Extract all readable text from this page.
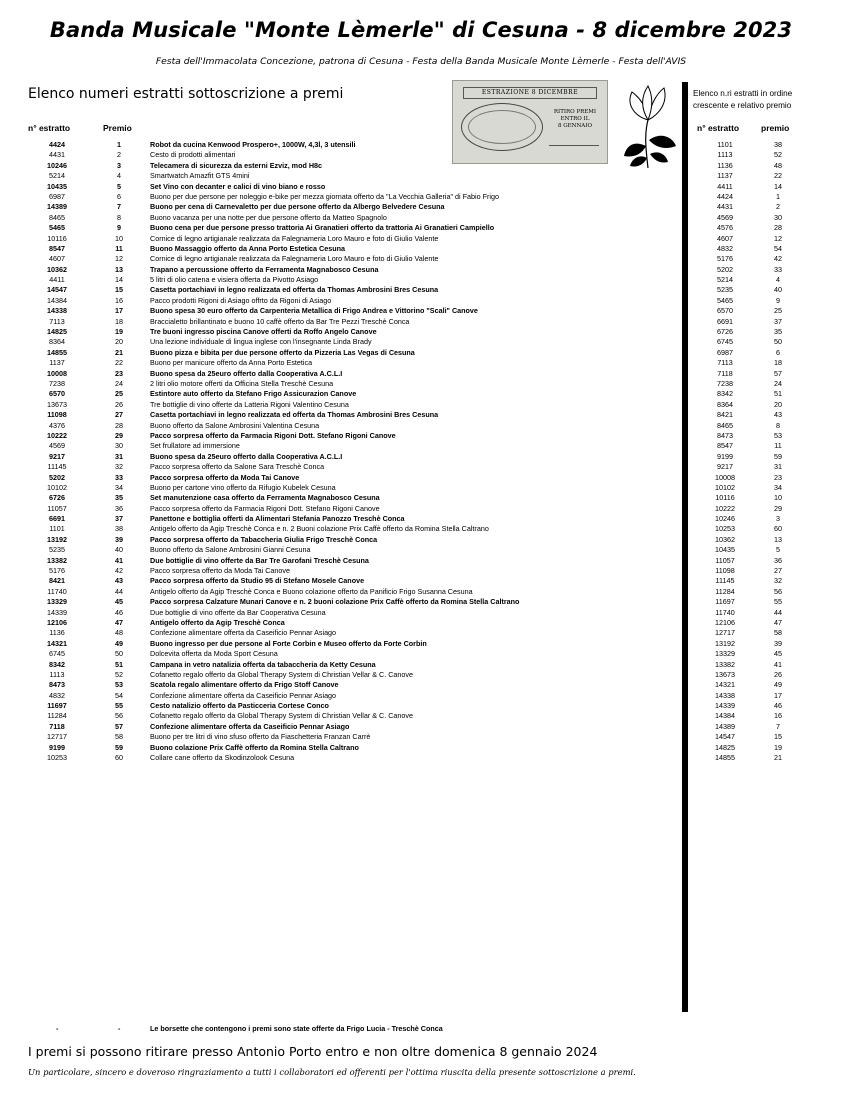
Banda Musicale "Monte Lèmerle" di Cesuna - 8 dicembre 2023
Festa dell'Immacolata Concezione, patrona di Cesuna - Festa della Banda Musicale Monte Lèmerle - Festa dell'AVIS
Elenco numeri estratti sottoscrizione a premi
n° estratto	Premio
4424	1	Robot da cucina Kenwood Prospero+, 1000W, 4,3l, 3 utensili
4431	2	Cesto di prodotti alimentari
10246	3	Telecamera di sicurezza da esterni Ezviz, mod H8c
5214	4	Smartwatch Amazfit GTS 4mini
10435	5	Set Vino con decanter e calici di vino biano e rosso
6987	6	Buono per due persone per noleggio e-bike per mezza giornata offerto da "La Vecchia Galleria" di Fabio Frigo
14389	7	Buono per cena di Carnevaletto per due persone offerto da Albergo Belvedere Cesuna
8465	8	Buono vacanza per una notte per due persone offerto da Matteo Spagnolo
5465	9	Buono cena per due persone presso trattoria Ai Granatieri offerto da trattoria Ai Granatieri Campiello
10116	10	Cornice di legno artigianale realizzata da Falegnameria Loro Mauro e foto di Giulio Valente
8547	11	Buono Massaggio offerto da Anna Porto Estetica Cesuna
4607	12	Cornice di legno artigianale realizzata da Falegnameria Loro Mauro e foto di Giulio Valente
10362	13	Trapano a percussione offerto da Ferramenta Magnabosco Cesuna
4411	14	5 litri di olio catena e visiera offerta da Pivotto Asiago
14547	15	Casetta portachiavi in legno realizzata ed offerta da Thomas Ambrosini Bres Cesuna
14384	16	Pacco prodotti Rigoni di Asiago offrto da Rigoni di Asiago
14338	17	Buono spesa 30 euro offerto da Carpenteria Metallica di Frigo Andrea e Vittorino "Scali" Canove
7113	18	Braccialetto brillantinato e buono 10 caffè offerto da Bar Tre Pezzi Treschè Conca
14825	19	Tre buoni ingresso piscina Canove offerti da Roffo Angelo Canove
8364	20	Una lezione individuale di lingua inglese con l'insegnante Linda Brady
14855	21	Buono pizza e bibita per due persone offerto da Pizzeria Las Vegas di Cesuna
1137	22	Buono per manicure offerto da Anna Porto Estetica
10008	23	Buono spesa da 25euro offerto dalla Cooperativa A.C.L.I
7238	24	2 litri olio motore offerti da Officina Stella Treschè Cesuna
6570	25	Estintore auto offerto da Stefano Frigo Assicurazion Canove
13673	26	Tre bottiglie di vino offerte da Latteria Rigoni Valentino Cesuna
11098	27	Casetta portachiavi in legno realizzata ed offerta da Thomas Ambrosini Bres Cesuna
4376	28	Buono offerto da Salone Ambrosini Valentina Cesuna
10222	29	Pacco sorpresa offerto da Farmacia Rigoni Dott. Stefano Rigoni Canove
4569	30	Set frullatore ad immersione
9217	31	Buono spesa da 25euro offerto dalla Cooperativa A.C.L.I
11145	32	Pacco sorpresa offerto da Salone Sara Treschè Conca
5202	33	Pacco sorpresa offerto da Moda Tai Canove
10102	34	Buono per cartone vino offerto da Rifugio Kubelek Cesuna
6726	35	Set manutenzione casa offerto da Ferramenta Magnabosco Cesuna
11057	36	Pacco sorpresa offerto da Farmacia Rigoni Dott. Stefano Rigoni Canove
6691	37	Panettone e bottiglia offerti da Alimentari Stefania Panozzo Treschè Conca
1101	38	Antigelo offerto da Agip Treschè Conca e n. 2 Buoni colazione Prix Caffè offerto da Romina Stella Caltrano
13192	39	Pacco sorpresa offerto da Tabaccheria Giulia Frigo Treschè Conca
5235	40	Buono offerto da Salone Ambrosini Gianni Cesuna
13382	41	Due bottiglie di vino offerte da Bar Tre Garofani Treschè Cesuna
5176	42	Pacco sorpresa offerto da Moda Tai Canove
8421	43	Pacco sorpresa offerto da Studio 95 di Stefano Mosele Canove
11740	44	Antigelo offerto da Agip Treschè Conca e Buono colazione offerto da Panificio Frigo Susanna Cesuna
13329	45	Pacco sorpresa Calzature Munari Canove e n. 2 buoni colazione Prix Caffè offerto da Romina Stella Caltrano
14339	46	Due bottiglie di vino offerte da Bar Cooperativa Cesuna
12106	47	Antigelo offerto da Agip Treschè Conca
1136	48	Confezione alimentare offerta da Caseificio Pennar Asiago
14321	49	Buono ingresso per due persone al Forte Corbin e Museo offerto da Forte Corbin
6745	50	Dolcevita offerta da Moda Sport Cesuna
8342	51	Campana in vetro natalizia offerta da tabaccheria da Ketty Cesuna
1113	52	Cofanetto regalo offerto da Global Therapy System di Christian Vellar & C. Canove
8473	53	Scatola regalo alimentare offerto da Frigo Stoff Canove
4832	54	Confezione alimentare offerta da Caseificio Pennar Asiago
11697	55	Cesto natalizio offerto da Pasticceria Cortese Conco
11284	56	Cofanetto regalo offerto da Global Therapy System di Christian Vellar & C. Canove
7118	57	Confezione alimentare offerta da Caseificio Pennar Asiago
12717	58	Buono per tre litri di vino sfuso offerto da Fiaschetteria Franzan Carrè
9199	59	Buono colazione Prix Caffè offerto da Romina Stella Caltrano
10253	60	Collare cane offerto da Skodinzolook Cesuna
ESTRAZIONE 8 DICEMBRE
RITIRO PREMI
ENTRO IL
8 GENNAIO
Elenco n.ri estratti in ordine
crescente e relativo premio
n° estratto	premio
1101	38
1113	52
1136	48
1137	22
4411	14
4424	1
4431	2
4569	30
4576	28
4607	12
4832	54
5176	42
5202	33
5214	4
5235	40
5465	9
6570	25
6691	37
6726	35
6745	50
6987	6
7113	18
7118	57
7238	24
8342	51
8364	20
8421	43
8465	8
8473	53
8547	11
9199	59
9217	31
10008	23
10102	34
10116	10
10222	29
10246	3
10253	60
10362	13
10435	5
11057	36
11098	27
11145	32
11284	56
11697	55
11740	44
12106	47
12717	58
13192	39
13329	45
13382	41
13673	26
14321	49
14338	17
14339	46
14384	16
14389	7
14547	15
14825	19
14855	21
-	-	Le borsette che contengono i premi sono state offerte da Frigo Lucia - Treschè Conca
I premi si possono ritirare presso Antonio Porto entro e non oltre domenica 8 gennaio 2024
Un particolare, sincero e doveroso ringraziamento a tutti i collaboratori ed offerenti per l'ottima riuscita della presente sottoscrizione a premi.
